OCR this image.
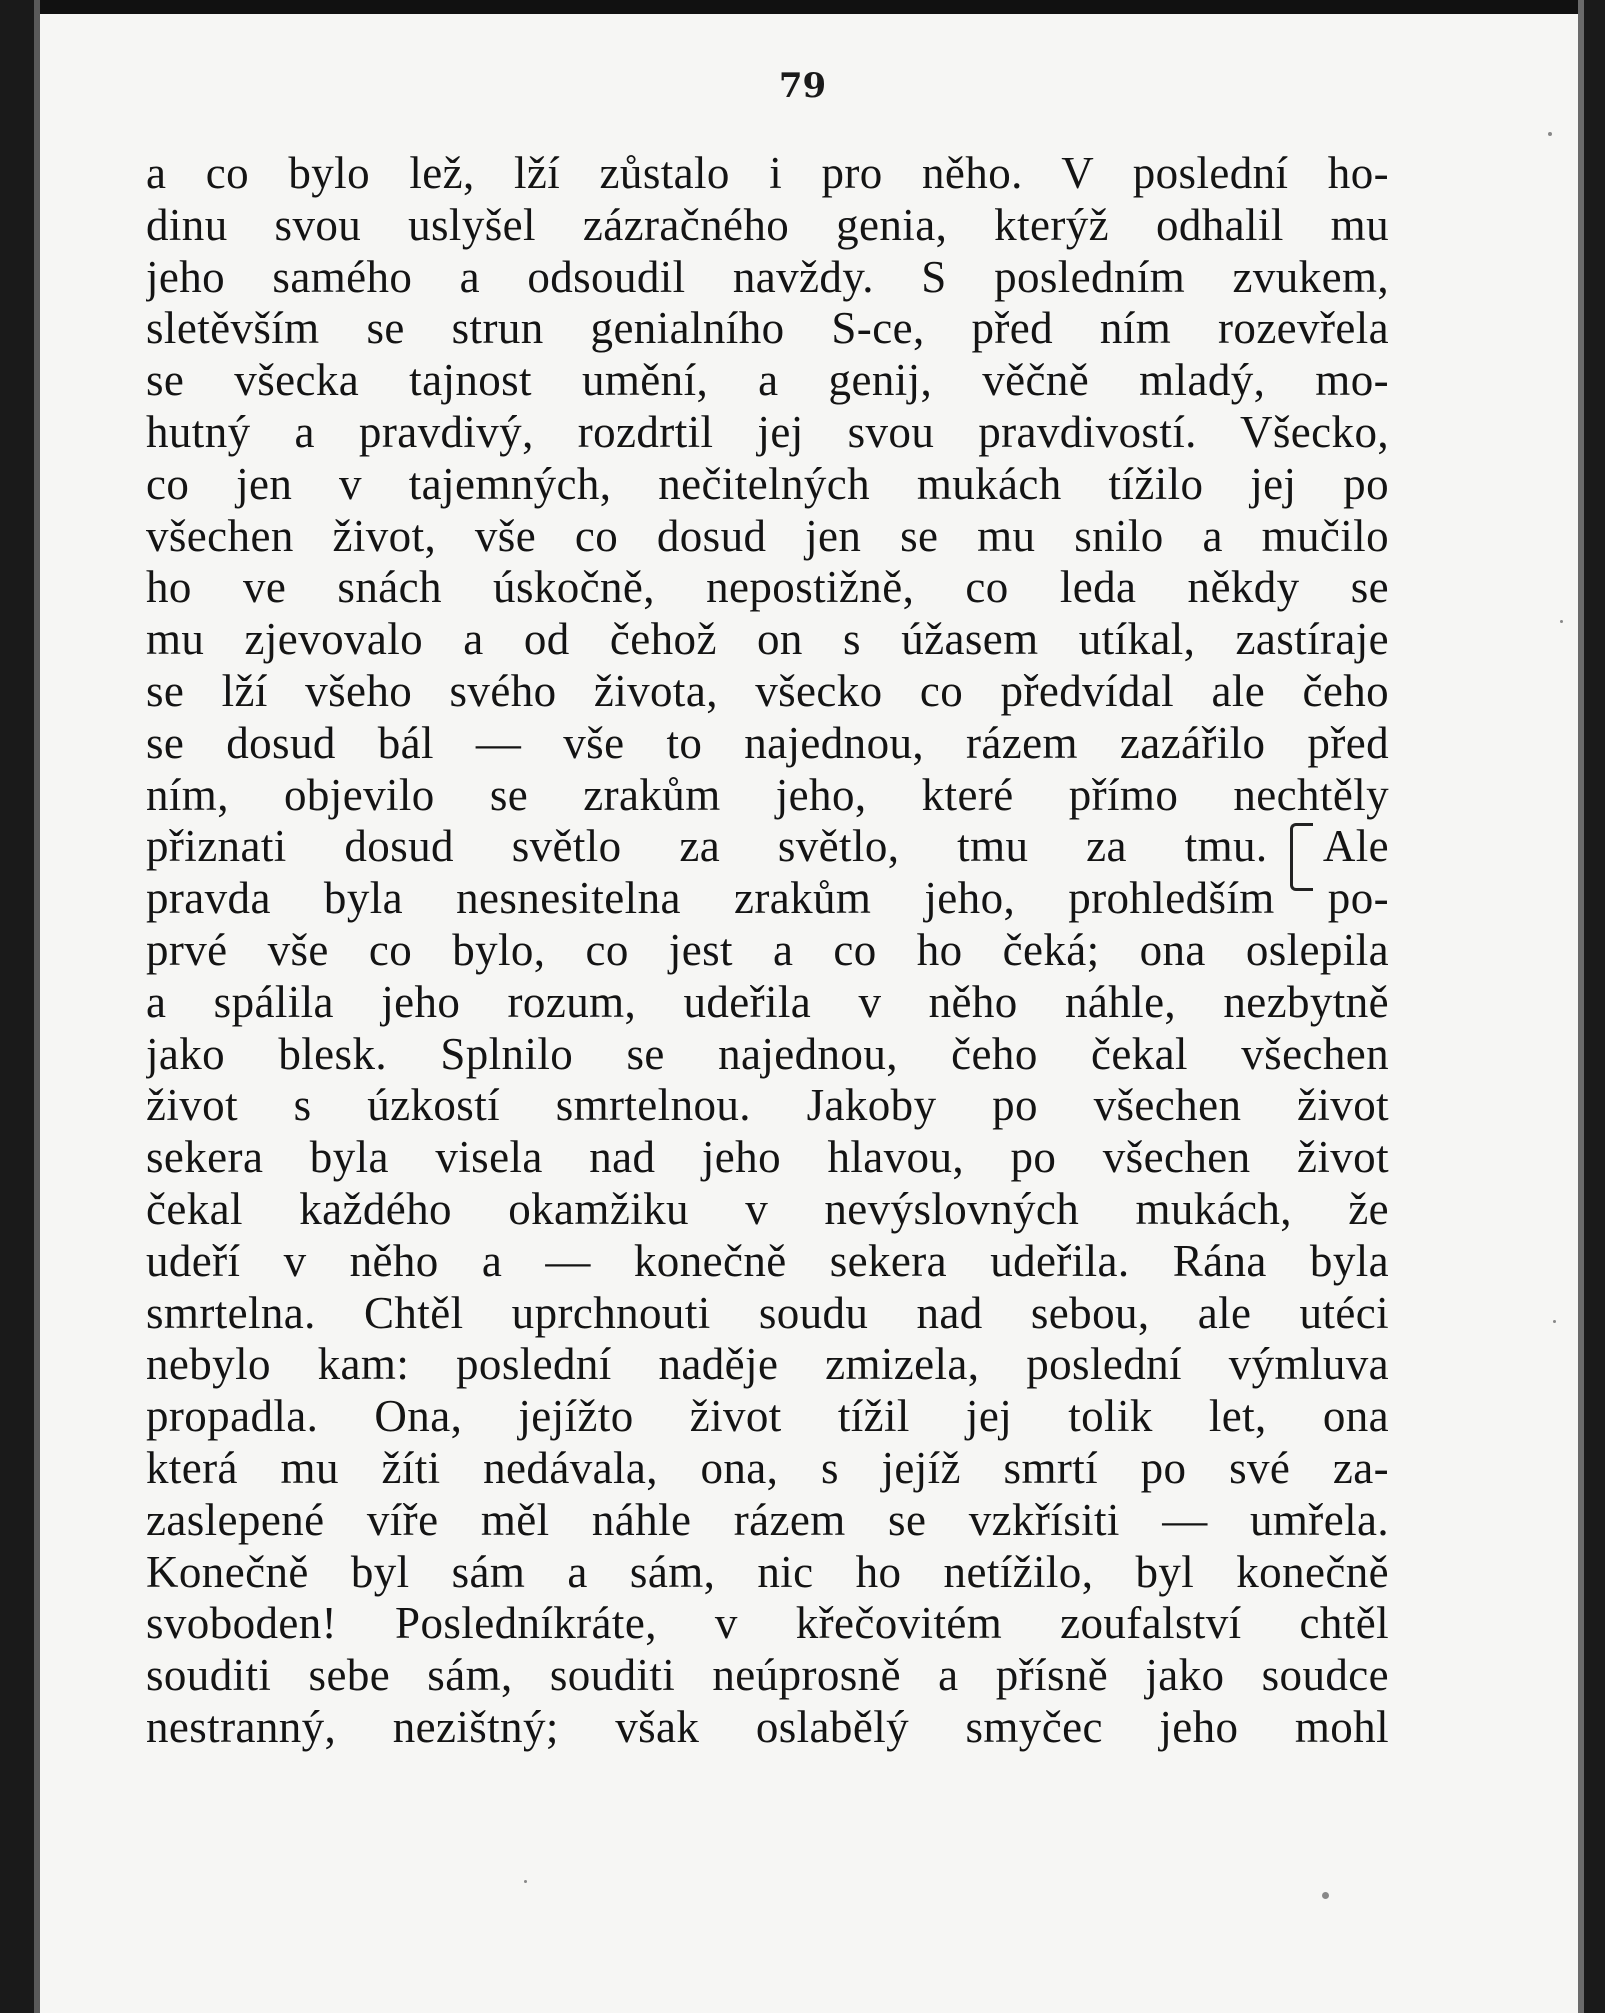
79
a co bylo lež, lží zůstalo i pro něho. V poslední ho-
dinu svou uslyšel zázračného genia, kterýž odhalil mu
jeho samého a odsoudil navždy. S posledním zvukem,
sletěvším se strun genialního S-ce, před ním rozevřela
se všecka tajnost umění, a genij, věčně mladý, mo-
hutný a pravdivý, rozdrtil jej svou pravdivostí. Všecko,
co jen v tajemných, nečitelných mukách tížilo jej po
všechen život, vše co dosud jen se mu snilo a mučilo
ho ve snách úskočně, nepostižně, co leda někdy se
mu zjevovalo a od čehož on s úžasem utíkal, zastíraje
se lží všeho svého života, všecko co předvídal ale čeho
se dosud bál — vše to najednou, rázem zazářilo před
ním, objevilo se zrakům jeho, které přímo nechtěly
přiznati dosud světlo za světlo, tmu za tmu. Ale
pravda byla nesnesitelna zrakům jeho, prohledším po-
prvé vše co bylo, co jest a co ho čeká; ona oslepila
a spálila jeho rozum, udeřila v něho náhle, nezbytně
jako blesk. Splnilo se najednou, čeho čekal všechen
život s úzkostí smrtelnou. Jakoby po všechen život
sekera byla visela nad jeho hlavou, po všechen život
čekal každého okamžiku v nevýslovných mukách, že
udeří v něho a — konečně sekera udeřila. Rána byla
smrtelna. Chtěl uprchnouti soudu nad sebou, ale utéci
nebylo kam: poslední naděje zmizela, poslední výmluva
propadla. Ona, jejížto život tížil jej tolik let, ona
která mu žíti nedávala, ona, s jejíž smrtí po své za-
zaslepené víře měl náhle rázem se vzkřísiti — umřela.
Konečně byl sám a sám, nic ho netížilo, byl konečně
svoboden! Posledníkráte, v křečovitém zoufalství chtěl
souditi sebe sám, souditi neúprosně a přísně jako soudce
nestranný, nezištný; však oslabělý smyčec jeho mohl
